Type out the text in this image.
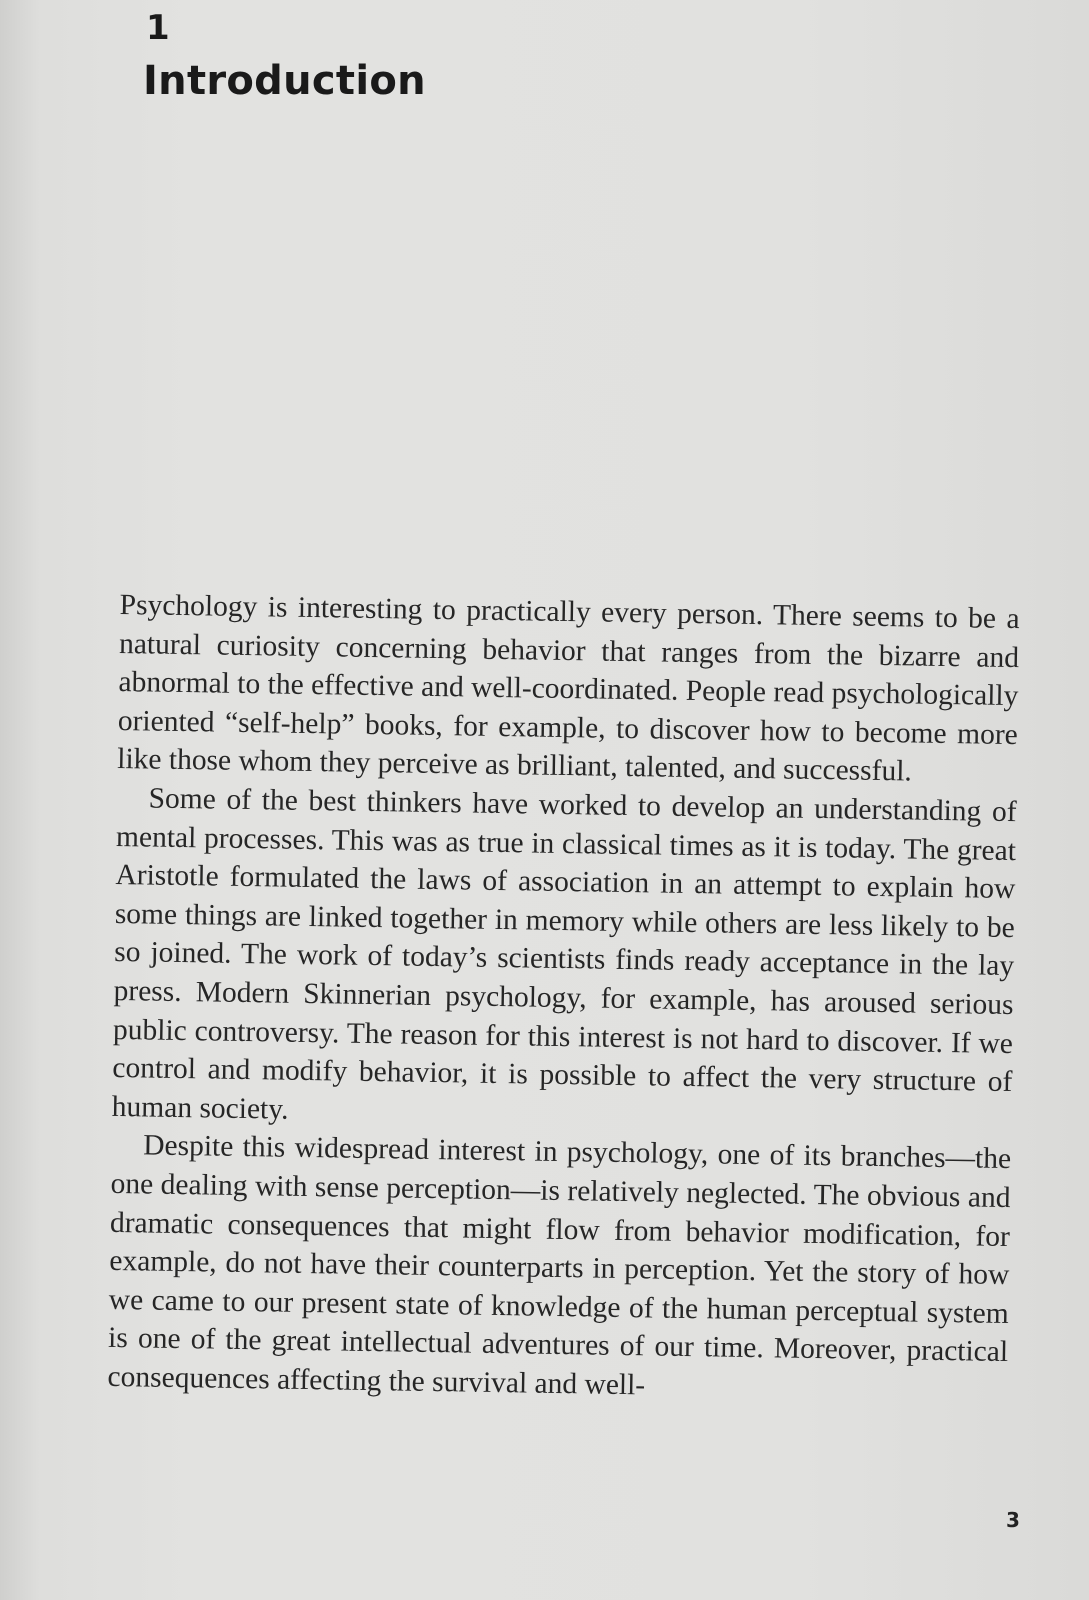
1
Introduction

Psychology is interesting to practically every person. There seems to be a natural curiosity concerning behavior that ranges from the bizarre and abnormal to the effective and well-coordinated. People read psychologically oriented “self-help” books, for example, to discover how to become more like those whom they perceive as brilliant, talented, and successful.

Some of the best thinkers have worked to develop an understanding of mental processes. This was as true in classical times as it is today. The great Aristotle formulated the laws of association in an attempt to explain how some things are linked together in memory while others are less likely to be so joined. The work of today’s scientists finds ready acceptance in the lay press. Modern Skinnerian psychology, for example, has aroused serious public controversy. The reason for this interest is not hard to discover. If we control and modify behavior, it is possible to affect the very structure of human society.

Despite this widespread interest in psychology, one of its branches—the one dealing with sense perception—is relatively neglected. The obvious and dramatic consequences that might flow from behavior modification, for example, do not have their counterparts in perception. Yet the story of how we came to our present state of knowledge of the human perceptual system is one of the great intellectual adventures of our time. Moreover, practical consequences affecting the survival and well-

3
